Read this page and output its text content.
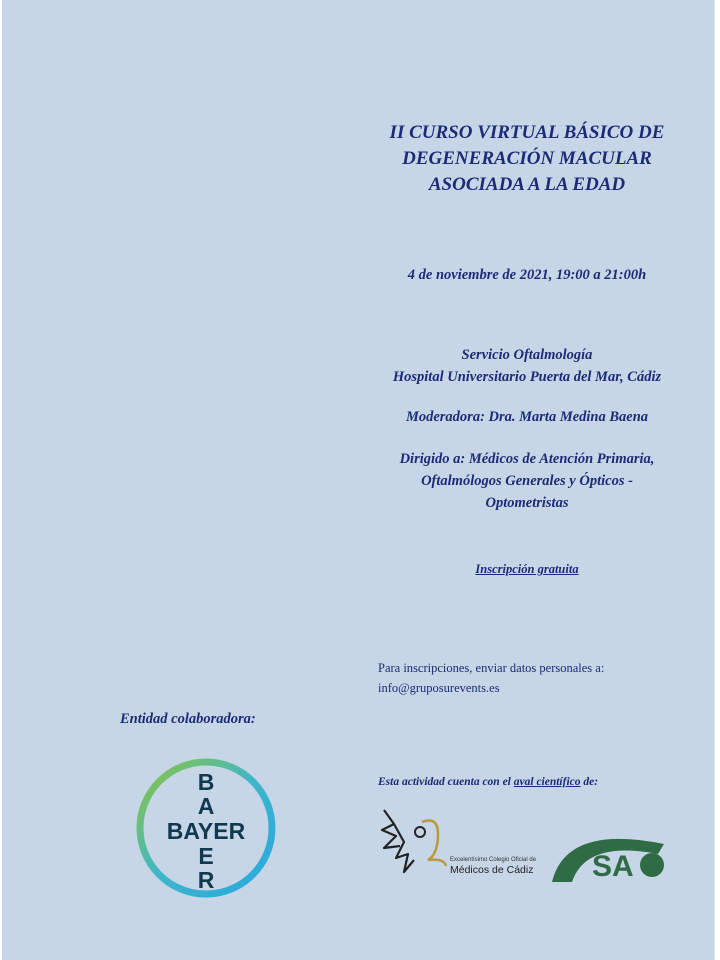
II CURSO VIRTUAL BÁSICO DE
DEGENERACIÓN MACULAR
ASOCIADA A LA EDAD
4 de noviembre de 2021, 19:00 a 21:00h
Servicio Oftalmología
Hospital Universitario Puerta del Mar, Cádiz
Moderadora: Dra. Marta Medina Baena
Dirigido a: Médicos de Atención Primaria,
Oftalmólogos Generales y Ópticos -
Optometristas
Inscripción gratuita
Para inscripciones, enviar datos personales a:
info@gruposurevents.es
Entidad colaboradora:
Esta actividad cuenta con el aval científico de:
B
A
E
R
BAYER
Excelentísimo Colegio Oficial de
Médicos de Cádiz SA
